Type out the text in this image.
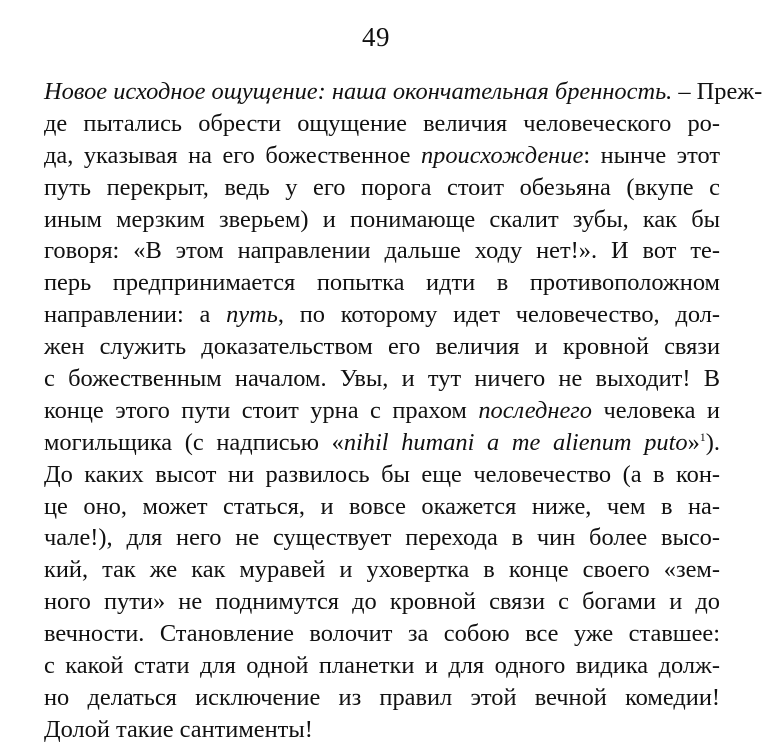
49
Новое исходное ощущение: наша окончательная бренность. – Преж-
де пытались обрести ощущение величия человеческого ро-
да, указывая на его божественное происхождение: нынче этот
путь перекрыт, ведь у его порога стоит обезьяна (вкупе с
иным мерзким зверьем) и понимающе скалит зубы, как бы
говоря: «В этом направлении дальше ходу нет!». И вот те-
перь предпринимается попытка идти в противоположном
направлении: а путь, по которому идет человечество, дол-
жен служить доказательством его величия и кровной связи
с божественным началом. Увы, и тут ничего не выходит! В
конце этого пути стоит урна с прахом последнего человека и
могильщика (с надписью «nihil humani a me alienum puto»$^1$).
До каких высот ни развилось бы еще человечество (а в кон-
це оно, может статься, и вовсе окажется ниже, чем в на-
чале!), для него не существует перехода в чин более высо-
кий, так же как муравей и уховертка в конце своего «зем-
ного пути» не поднимутся до кровной связи с богами и до
вечности. Становление волочит за собою все уже ставшее:
с какой стати для одной планетки и для одного видика долж-
но делаться исключение из правил этой вечной комедии!
Долой такие сантименты!
